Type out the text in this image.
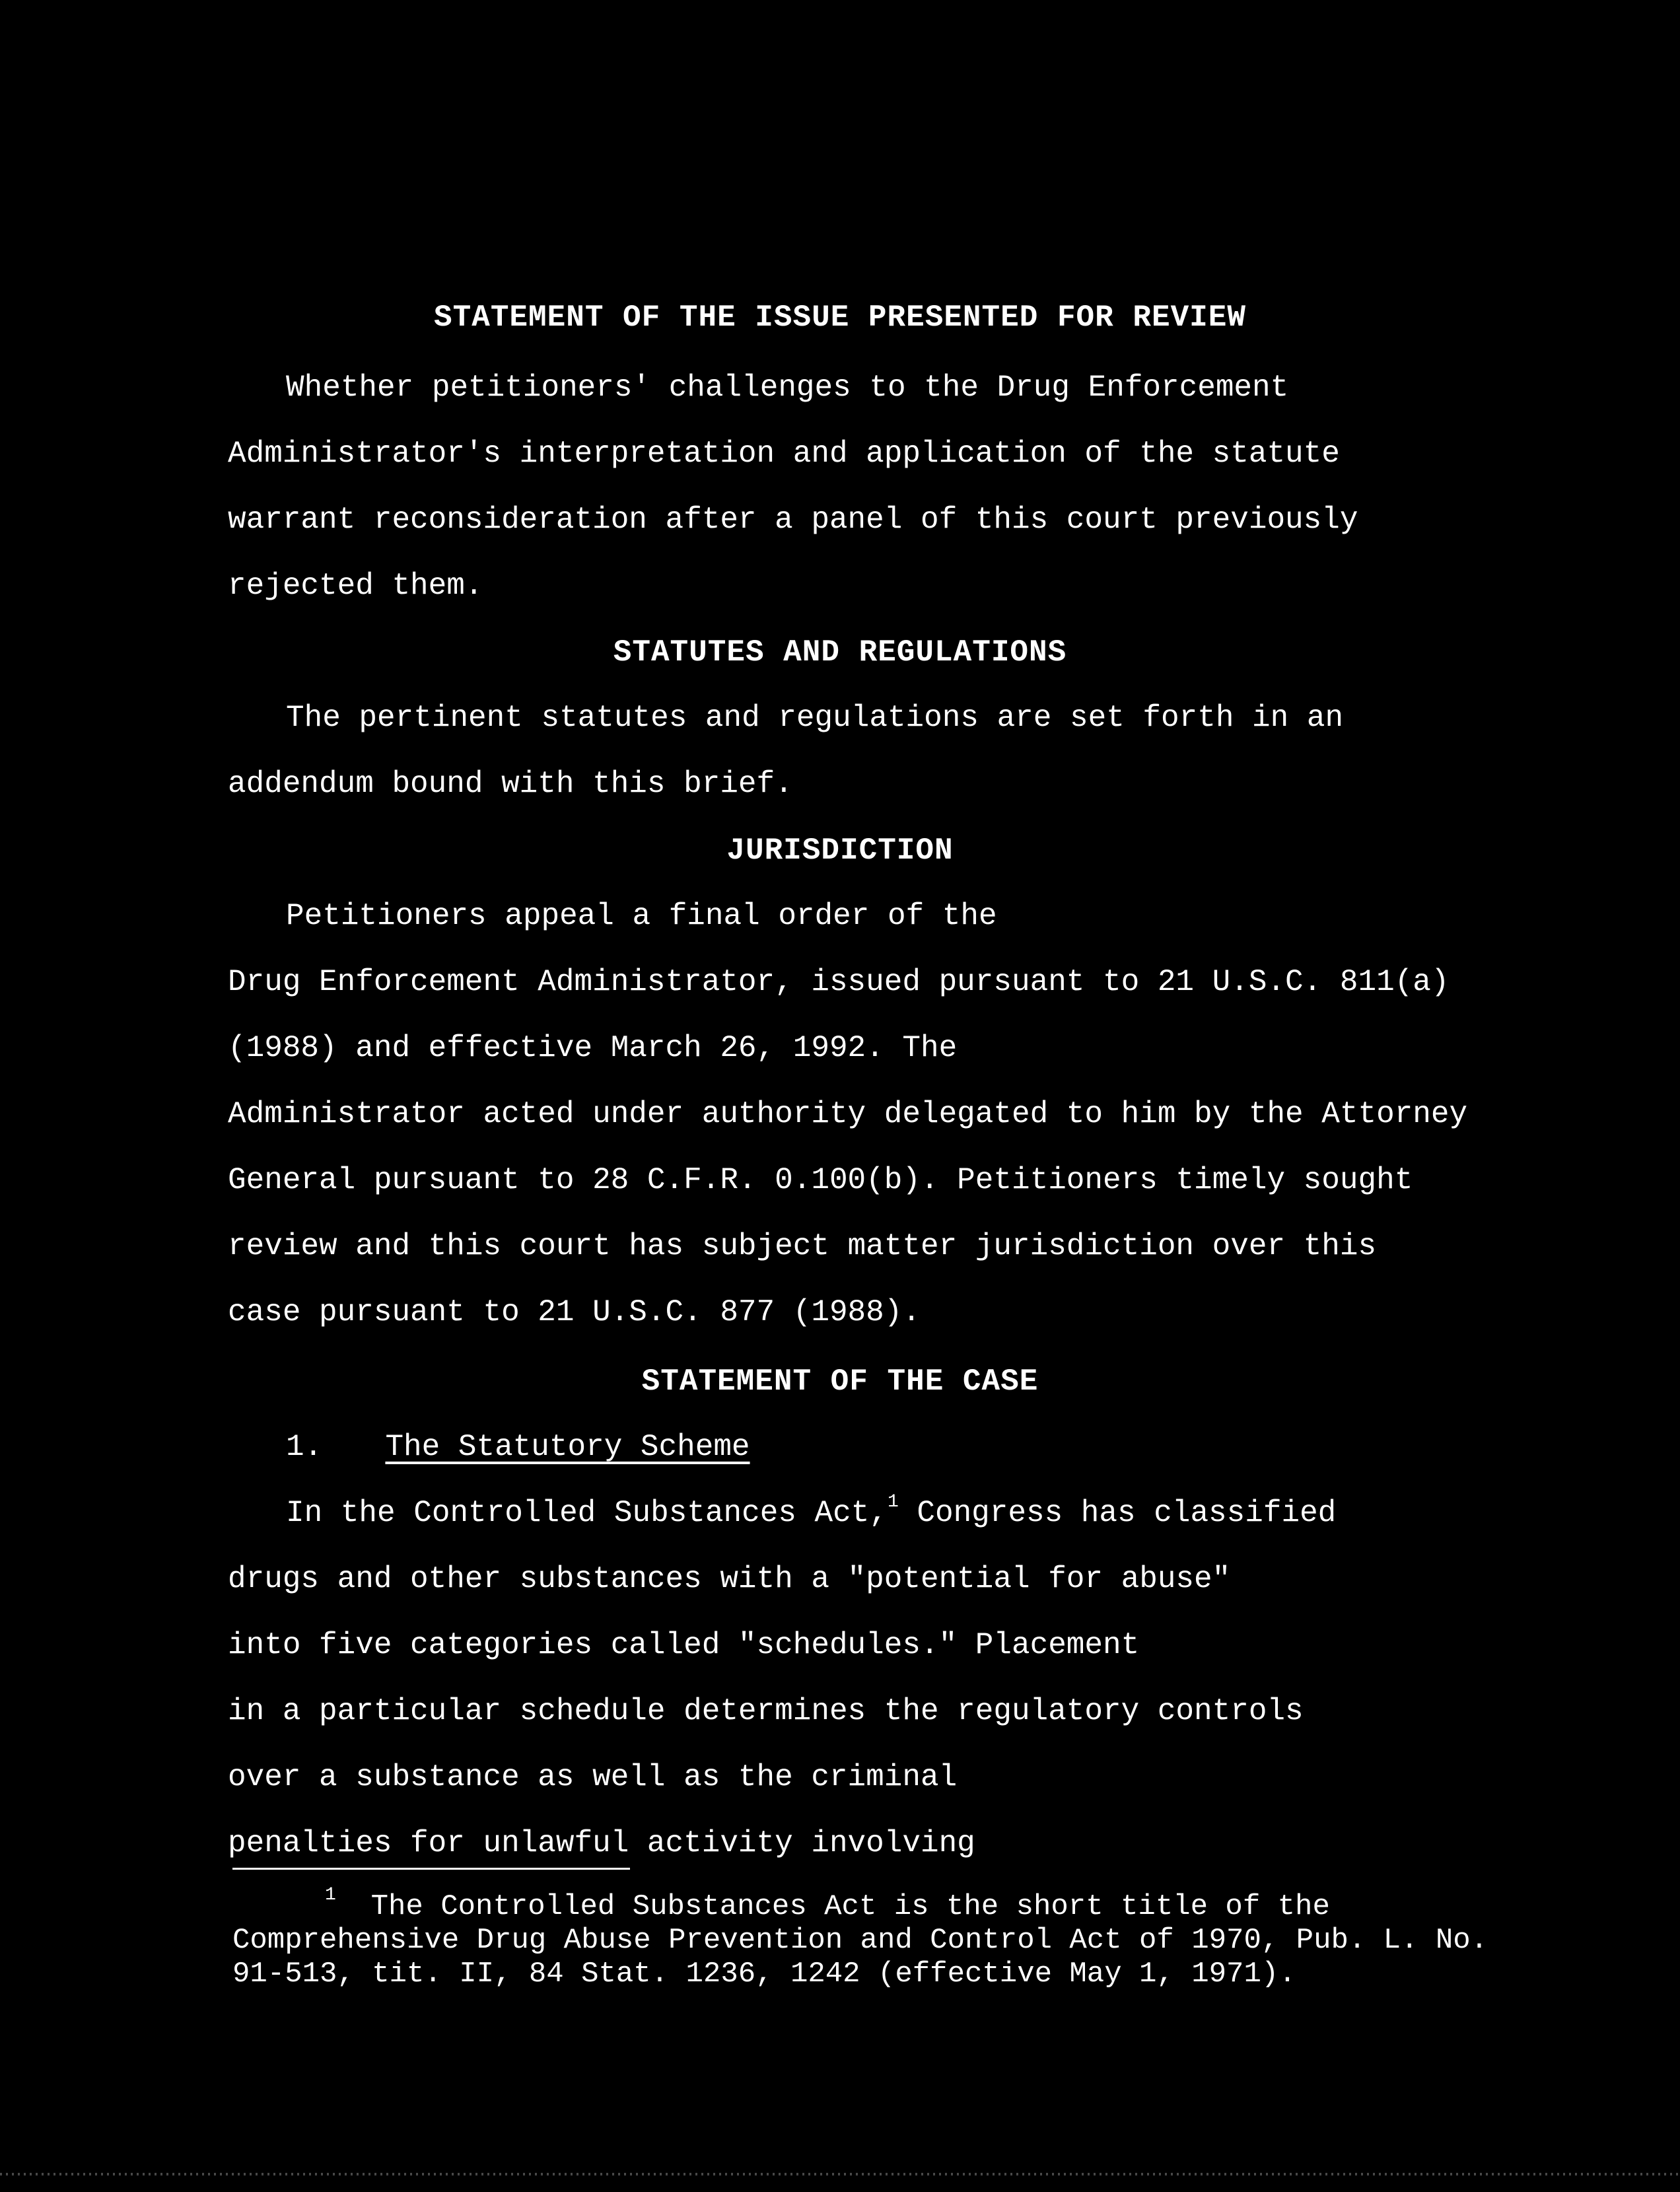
STATEMENT OF THE ISSUE PRESENTED FOR REVIEW
STATUTES AND REGULATIONS
JURISDICTION
STATEMENT OF THE CASE
1. The Statutory Scheme

$^1$ The Controlled Substances Act is the short title of the Comprehensive Drug Abuse Prevention and Control Act of 1970, Pub. L. No. 91-513, tit. II, 84 Stat. 1236, 1242 (effective May 1, 1971).

Whether petitioners' challenges to the Drug Enforcement
Administrator's interpretation and application of the statute
warrant reconsideration after a panel of this court previously
rejected them.
The pertinent statutes and regulations are set forth in an
addendum bound with this brief.
Petitioners appeal a final order of the
Drug Enforcement Administrator, issued pursuant to 21 U.S.C. 811(a)
(1988) and effective March 26, 1992. The
Administrator acted under authority delegated to him by the Attorney
General pursuant to 28 C.F.R. 0.100(b). Petitioners timely sought
review and this court has subject matter jurisdiction over this
case pursuant to 21 U.S.C. 877 (1988).
In the Controlled Substances Act,$^1$ Congress has classified
drugs and other substances with a "potential for abuse"
into five categories called "schedules." Placement
in a particular schedule determines the regulatory controls
over a substance as well as the criminal
penalties for unlawful activity involving
